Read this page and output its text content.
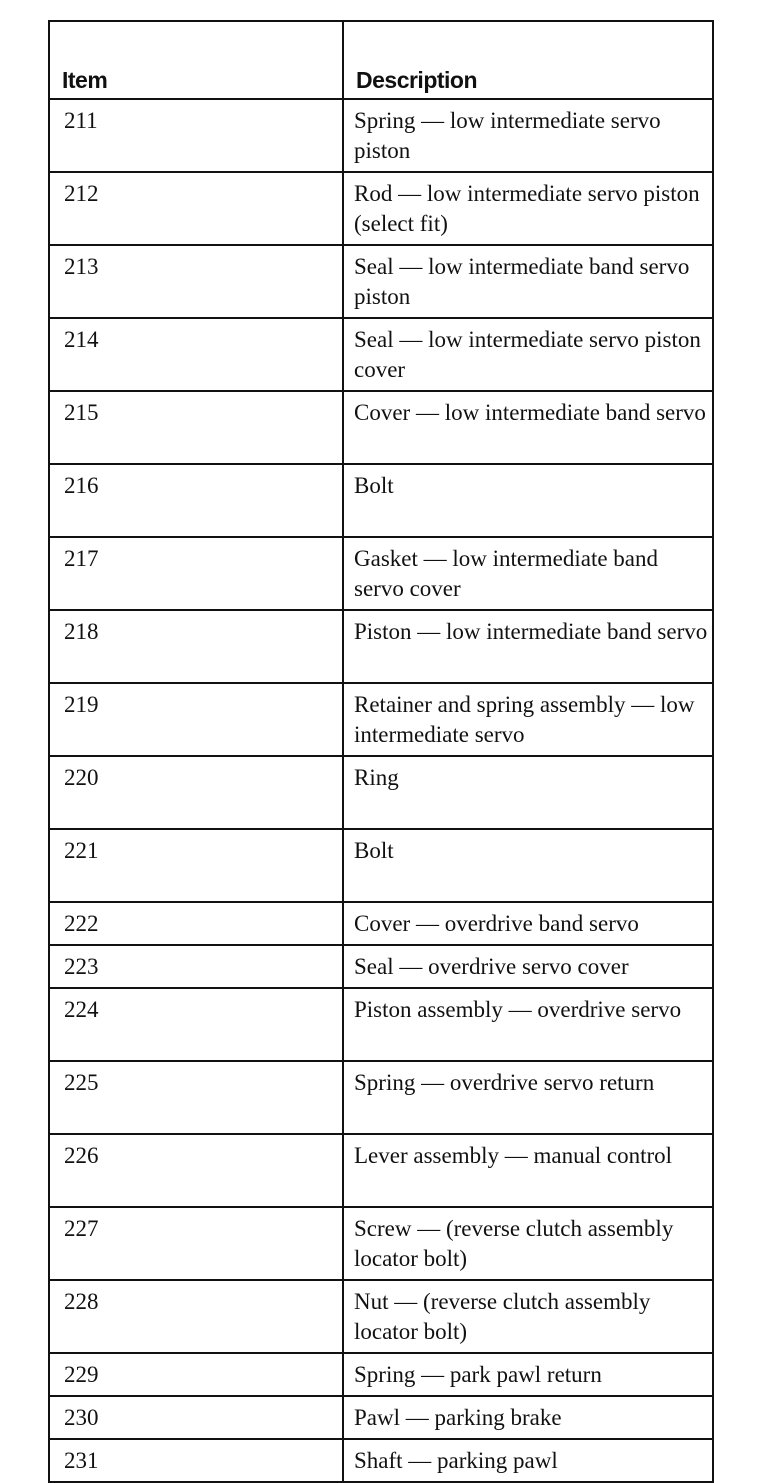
Item	Description
211	Spring — low intermediate servo piston
212	Rod — low intermediate servo piston (select fit)
213	Seal — low intermediate band servo piston
214	Seal — low intermediate servo piston cover
215	Cover — low intermediate band servo
216	Bolt
217	Gasket — low intermediate band servo cover
218	Piston — low intermediate band servo
219	Retainer and spring assembly — low intermediate servo
220	Ring
221	Bolt
222	Cover — overdrive band servo
223	Seal — overdrive servo cover
224	Piston assembly — overdrive servo
225	Spring — overdrive servo return
226	Lever assembly — manual control
227	Screw — (reverse clutch assembly locator bolt)
228	Nut — (reverse clutch assembly locator bolt)
229	Spring — park pawl return
230	Pawl — parking brake
231	Shaft — parking pawl
